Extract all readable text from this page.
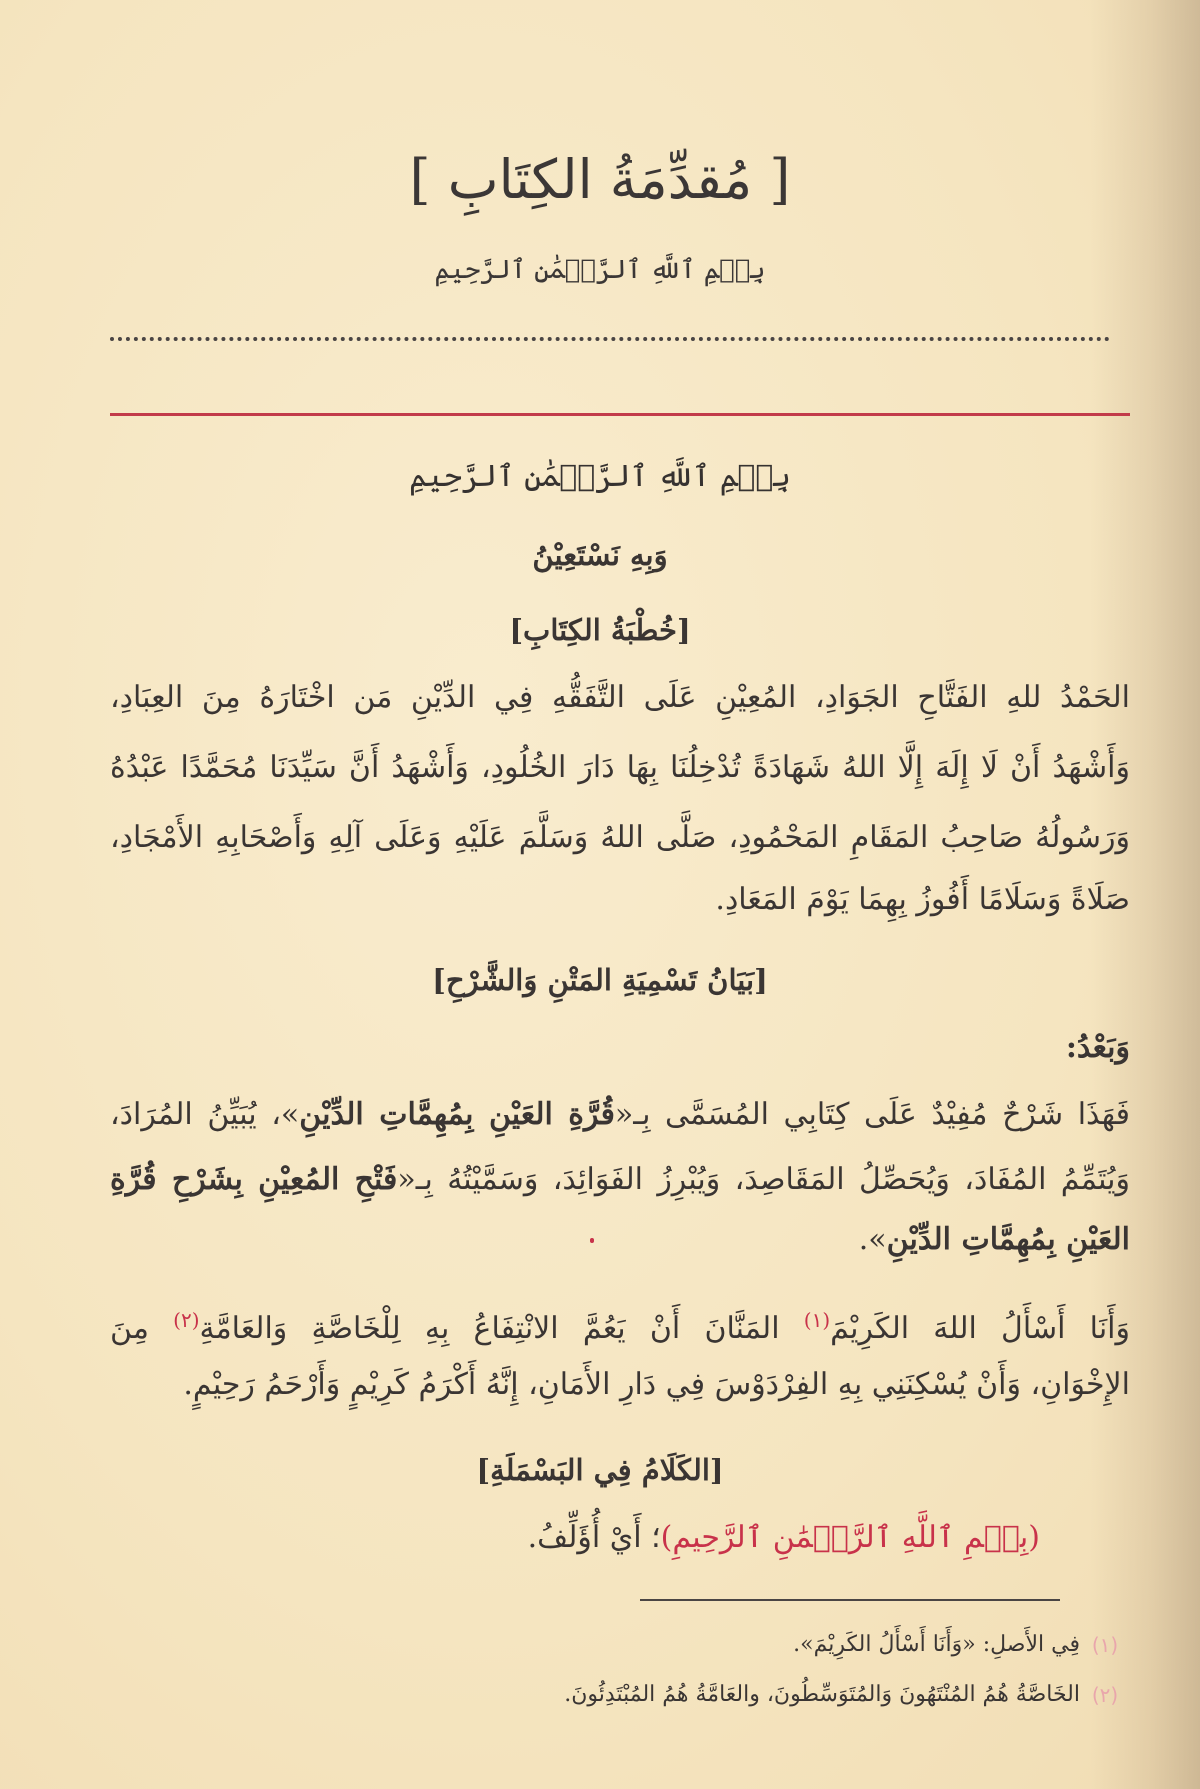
[ مُقدِّمَةُ الكِتَابِ ]
بِسۡمِ ٱللَّهِ ٱلرَّحۡمَٰنِ ٱلرَّحِيمِ
بِسۡمِ ٱللَّهِ ٱلرَّحۡمَٰنِ ٱلرَّحِيمِ
وَبِهِ نَسْتَعِيْنُ
[خُطْبَةُ الكِتَابِ]
الحَمْدُ للهِ الفَتَّاحِ الجَوَادِ، المُعِيْنِ عَلَى التَّفَقُّهِ فِي الدِّيْنِ مَن اخْتَارَهُ مِنَ العِبَادِ،
وَأَشْهَدُ أَنْ لَا إِلَهَ إِلَّا اللهُ شَهَادَةً تُدْخِلُنَا بِهَا دَارَ الخُلُودِ، وَأَشْهَدُ أَنَّ سَيِّدَنَا مُحَمَّدًا عَبْدُهُ
وَرَسُولُهُ صَاحِبُ المَقَامِ المَحْمُودِ، صَلَّى اللهُ وَسَلَّمَ عَلَيْهِ وَعَلَى آلِهِ وَأَصْحَابِهِ الأَمْجَادِ،
صَلَاةً وَسَلَامًا أَفُوزُ بِهِمَا يَوْمَ المَعَادِ.
[بَيَانُ تَسْمِيَةِ المَتْنِ وَالشَّرْحِ]
وَبَعْدُ:
فَهَذَا شَرْحٌ مُفِيْدٌ عَلَى كِتَابِي المُسَمَّى بِـ«قُرَّةِ العَيْنِ بِمُهِمَّاتِ الدِّيْنِ»، يُبَيِّنُ المُرَادَ،
وَيُتَمِّمُ المُفَادَ، وَيُحَصِّلُ المَقَاصِدَ، وَيُبْرِزُ الفَوَائِدَ، وَسَمَّيْتُهُ بِـ«فَتْحِ المُعِيْنِ بِشَرْحِ قُرَّةِ
العَيْنِ بِمُهِمَّاتِ الدِّيْنِ».
وَأَنَا أَسْأَلُ اللهَ الكَرِيْمَ$^{(١)}$ المَنَّانَ أَنْ يَعُمَّ الانْتِفَاعُ بِهِ لِلْخَاصَّةِ وَالعَامَّةِ$^{(٢)}$ مِنَ
الإِخْوَانِ، وَأَنْ يُسْكِنَنِي بِهِ الفِرْدَوْسَ فِي دَارِ الأَمَانِ، إِنَّهُ أَكْرَمُ كَرِيْمٍ وَأَرْحَمُ رَحِيْمٍ.
[الكَلَامُ فِي البَسْمَلَةِ]
(بِسۡمِ ٱللَّهِ ٱلرَّحۡمَٰنِ ٱلرَّحِيمِ)؛ أَيْ أُؤَلِّفُ.
(١)
فِي الأَصلِ: «وَأَنَا أَسْأَلُ الكَرِيْمَ».
(٢)
الخَاصَّةُ هُمُ المُنْتَهُونَ وَالمُتَوَسِّطُونَ، والعَامَّةُ هُمُ المُبْتَدِئُونَ.
